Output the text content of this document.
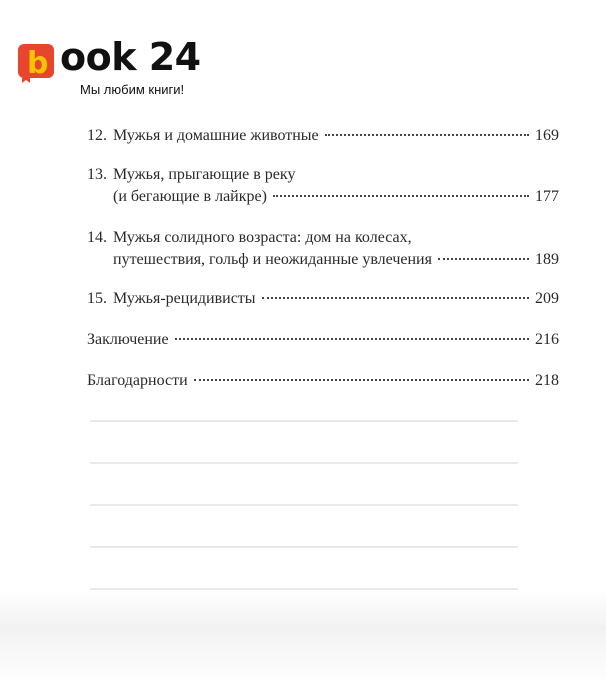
b ook 24
Мы любим книги!
12. Мужья и домашние животные	169
13. Мужья, прыгающие в реку
(и бегающие в лайкре)	177
14. Мужья солидного возраста: дом на колесах,
путешествия, гольф и неожиданные увлечения	189
15. Мужья-рецидивисты	209
Заключение	216
Благодарности	218
